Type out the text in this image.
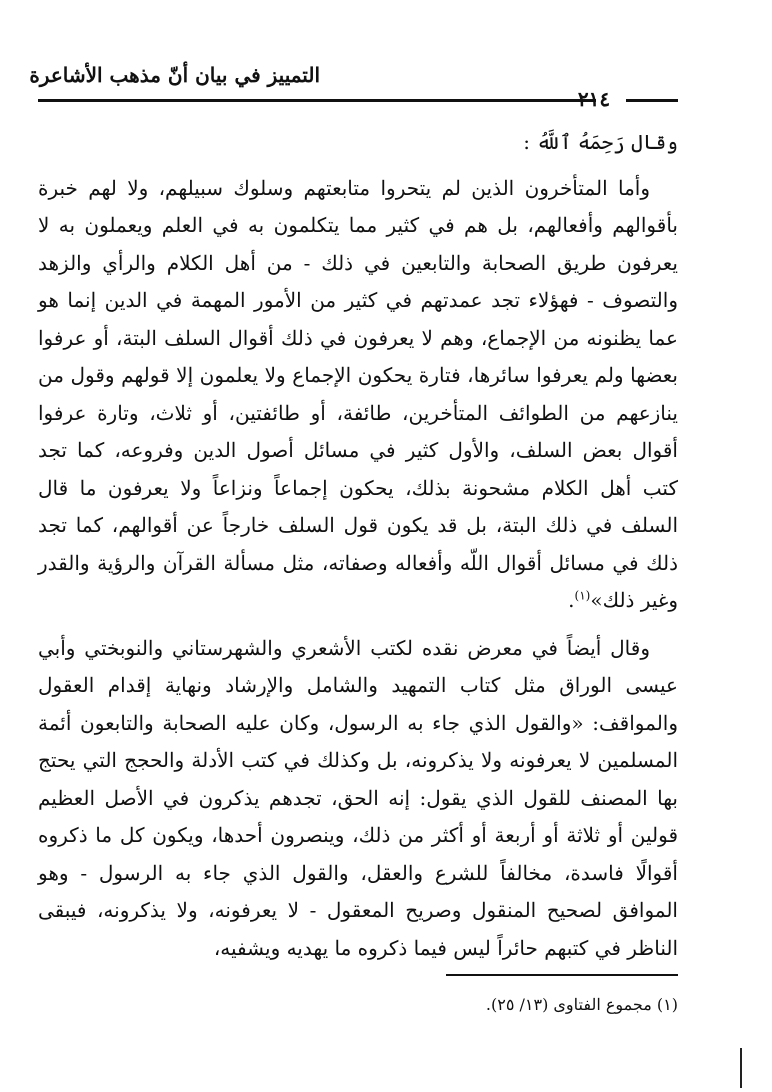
التمييز في بيان أنّ مذهب الأشاعرة
٢١٤

وقال رَحِمَهُ ٱللَّهُ :

وأما المتأخرون الذين لم يتحروا متابعتهم وسلوك سبيلهم، ولا لهم خبرة بأقوالهم وأفعالهم، بل هم في كثير مما يتكلمون به في العلم ويعملون به لا يعرفون طريق الصحابة والتابعين في ذلك - من أهل الكلام والرأي والزهد والتصوف - فهؤلاء تجد عمدتهم في كثير من الأمور المهمة في الدين إنما هو عما يظنونه من الإجماع، وهم لا يعرفون في ذلك أقوال السلف البتة، أو عرفوا بعضها ولم يعرفوا سائرها، فتارة يحكون الإجماع ولا يعلمون إلا قولهم وقول من ينازعهم من الطوائف المتأخرين، طائفة، أو طائفتين، أو ثلاث، وتارة عرفوا أقوال بعض السلف، والأول كثير في مسائل أصول الدين وفروعه، كما تجد كتب أهل الكلام مشحونة بذلك، يحكون إجماعاً ونزاعاً ولا يعرفون ما قال السلف في ذلك البتة، بل قد يكون قول السلف خارجاً عن أقوالهم، كما تجد ذلك في مسائل أقوال اللّه وأفعاله وصفاته، مثل مسألة القرآن والرؤية والقدر وغير ذلك»$^{(١)}$.

وقال أيضاً في معرض نقده لكتب الأشعري والشهرستاني والنوبختي وأبي عيسى الوراق مثل كتاب التمهيد والشامل والإرشاد ونهاية إقدام العقول والمواقف: «والقول الذي جاء به الرسول، وكان عليه الصحابة والتابعون أئمة المسلمين لا يعرفونه ولا يذكرونه، بل وكذلك في كتب الأدلة والحجج التي يحتج بها المصنف للقول الذي يقول: إنه الحق، تجدهم يذكرون في الأصل العظيم قولين أو ثلاثة أو أربعة أو أكثر من ذلك، وينصرون أحدها، ويكون كل ما ذكروه أقوالًا فاسدة، مخالفاً للشرع والعقل، والقول الذي جاء به الرسول - وهو الموافق لصحيح المنقول وصريح المعقول - لا يعرفونه، ولا يذكرونه، فيبقى الناظر في كتبهم حائراً ليس فيما ذكروه ما يهديه ويشفيه،

(١) مجموع الفتاوى (١٣/ ٢٥).
